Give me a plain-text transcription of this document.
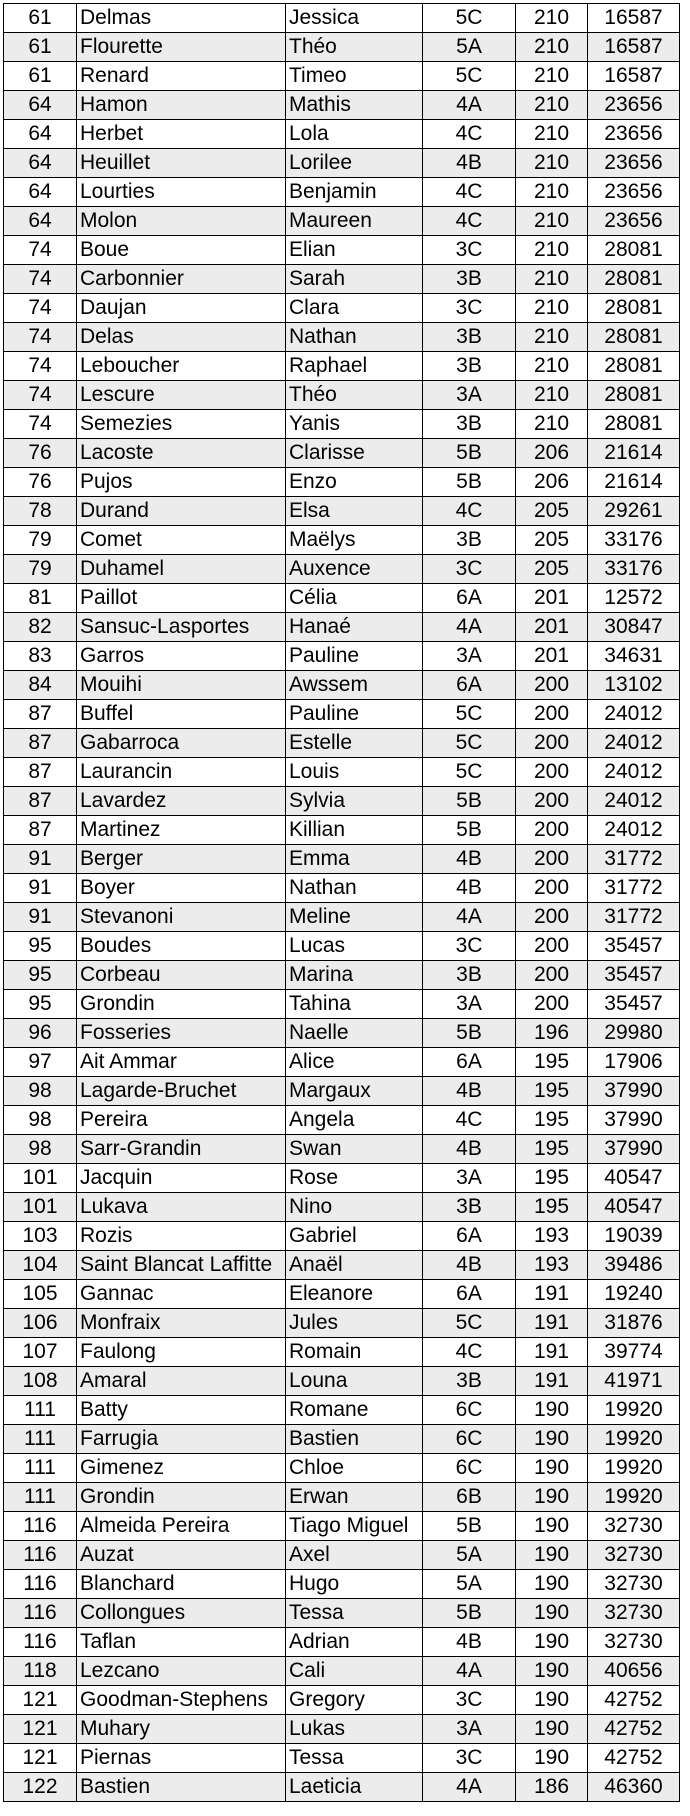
61	Delmas	Jessica	5C	210	16587
61	Flourette	Théo	5A	210	16587
61	Renard	Timeo	5C	210	16587
64	Hamon	Mathis	4A	210	23656
64	Herbet	Lola	4C	210	23656
64	Heuillet	Lorilee	4B	210	23656
64	Lourties	Benjamin	4C	210	23656
64	Molon	Maureen	4C	210	23656
74	Boue	Elian	3C	210	28081
74	Carbonnier	Sarah	3B	210	28081
74	Daujan	Clara	3C	210	28081
74	Delas	Nathan	3B	210	28081
74	Leboucher	Raphael	3B	210	28081
74	Lescure	Théo	3A	210	28081
74	Semezies	Yanis	3B	210	28081
76	Lacoste	Clarisse	5B	206	21614
76	Pujos	Enzo	5B	206	21614
78	Durand	Elsa	4C	205	29261
79	Comet	Maëlys	3B	205	33176
79	Duhamel	Auxence	3C	205	33176
81	Paillot	Célia	6A	201	12572
82	Sansuc-Lasportes	Hanaé	4A	201	30847
83	Garros	Pauline	3A	201	34631
84	Mouihi	Awssem	6A	200	13102
87	Buffel	Pauline	5C	200	24012
87	Gabarroca	Estelle	5C	200	24012
87	Laurancin	Louis	5C	200	24012
87	Lavardez	Sylvia	5B	200	24012
87	Martinez	Killian	5B	200	24012
91	Berger	Emma	4B	200	31772
91	Boyer	Nathan	4B	200	31772
91	Stevanoni	Meline	4A	200	31772
95	Boudes	Lucas	3C	200	35457
95	Corbeau	Marina	3B	200	35457
95	Grondin	Tahina	3A	200	35457
96	Fosseries	Naelle	5B	196	29980
97	Ait Ammar	Alice	6A	195	17906
98	Lagarde-Bruchet	Margaux	4B	195	37990
98	Pereira	Angela	4C	195	37990
98	Sarr-Grandin	Swan	4B	195	37990
101	Jacquin	Rose	3A	195	40547
101	Lukava	Nino	3B	195	40547
103	Rozis	Gabriel	6A	193	19039
104	Saint Blancat Laffitte	Anaël	4B	193	39486
105	Gannac	Eleanore	6A	191	19240
106	Monfraix	Jules	5C	191	31876
107	Faulong	Romain	4C	191	39774
108	Amaral	Louna	3B	191	41971
111	Batty	Romane	6C	190	19920
111	Farrugia	Bastien	6C	190	19920
111	Gimenez	Chloe	6C	190	19920
111	Grondin	Erwan	6B	190	19920
116	Almeida Pereira	Tiago Miguel	5B	190	32730
116	Auzat	Axel	5A	190	32730
116	Blanchard	Hugo	5A	190	32730
116	Collongues	Tessa	5B	190	32730
116	Taflan	Adrian	4B	190	32730
118	Lezcano	Cali	4A	190	40656
121	Goodman-Stephens	Gregory	3C	190	42752
121	Muhary	Lukas	3A	190	42752
121	Piernas	Tessa	3C	190	42752
122	Bastien	Laeticia	4A	186	46360
